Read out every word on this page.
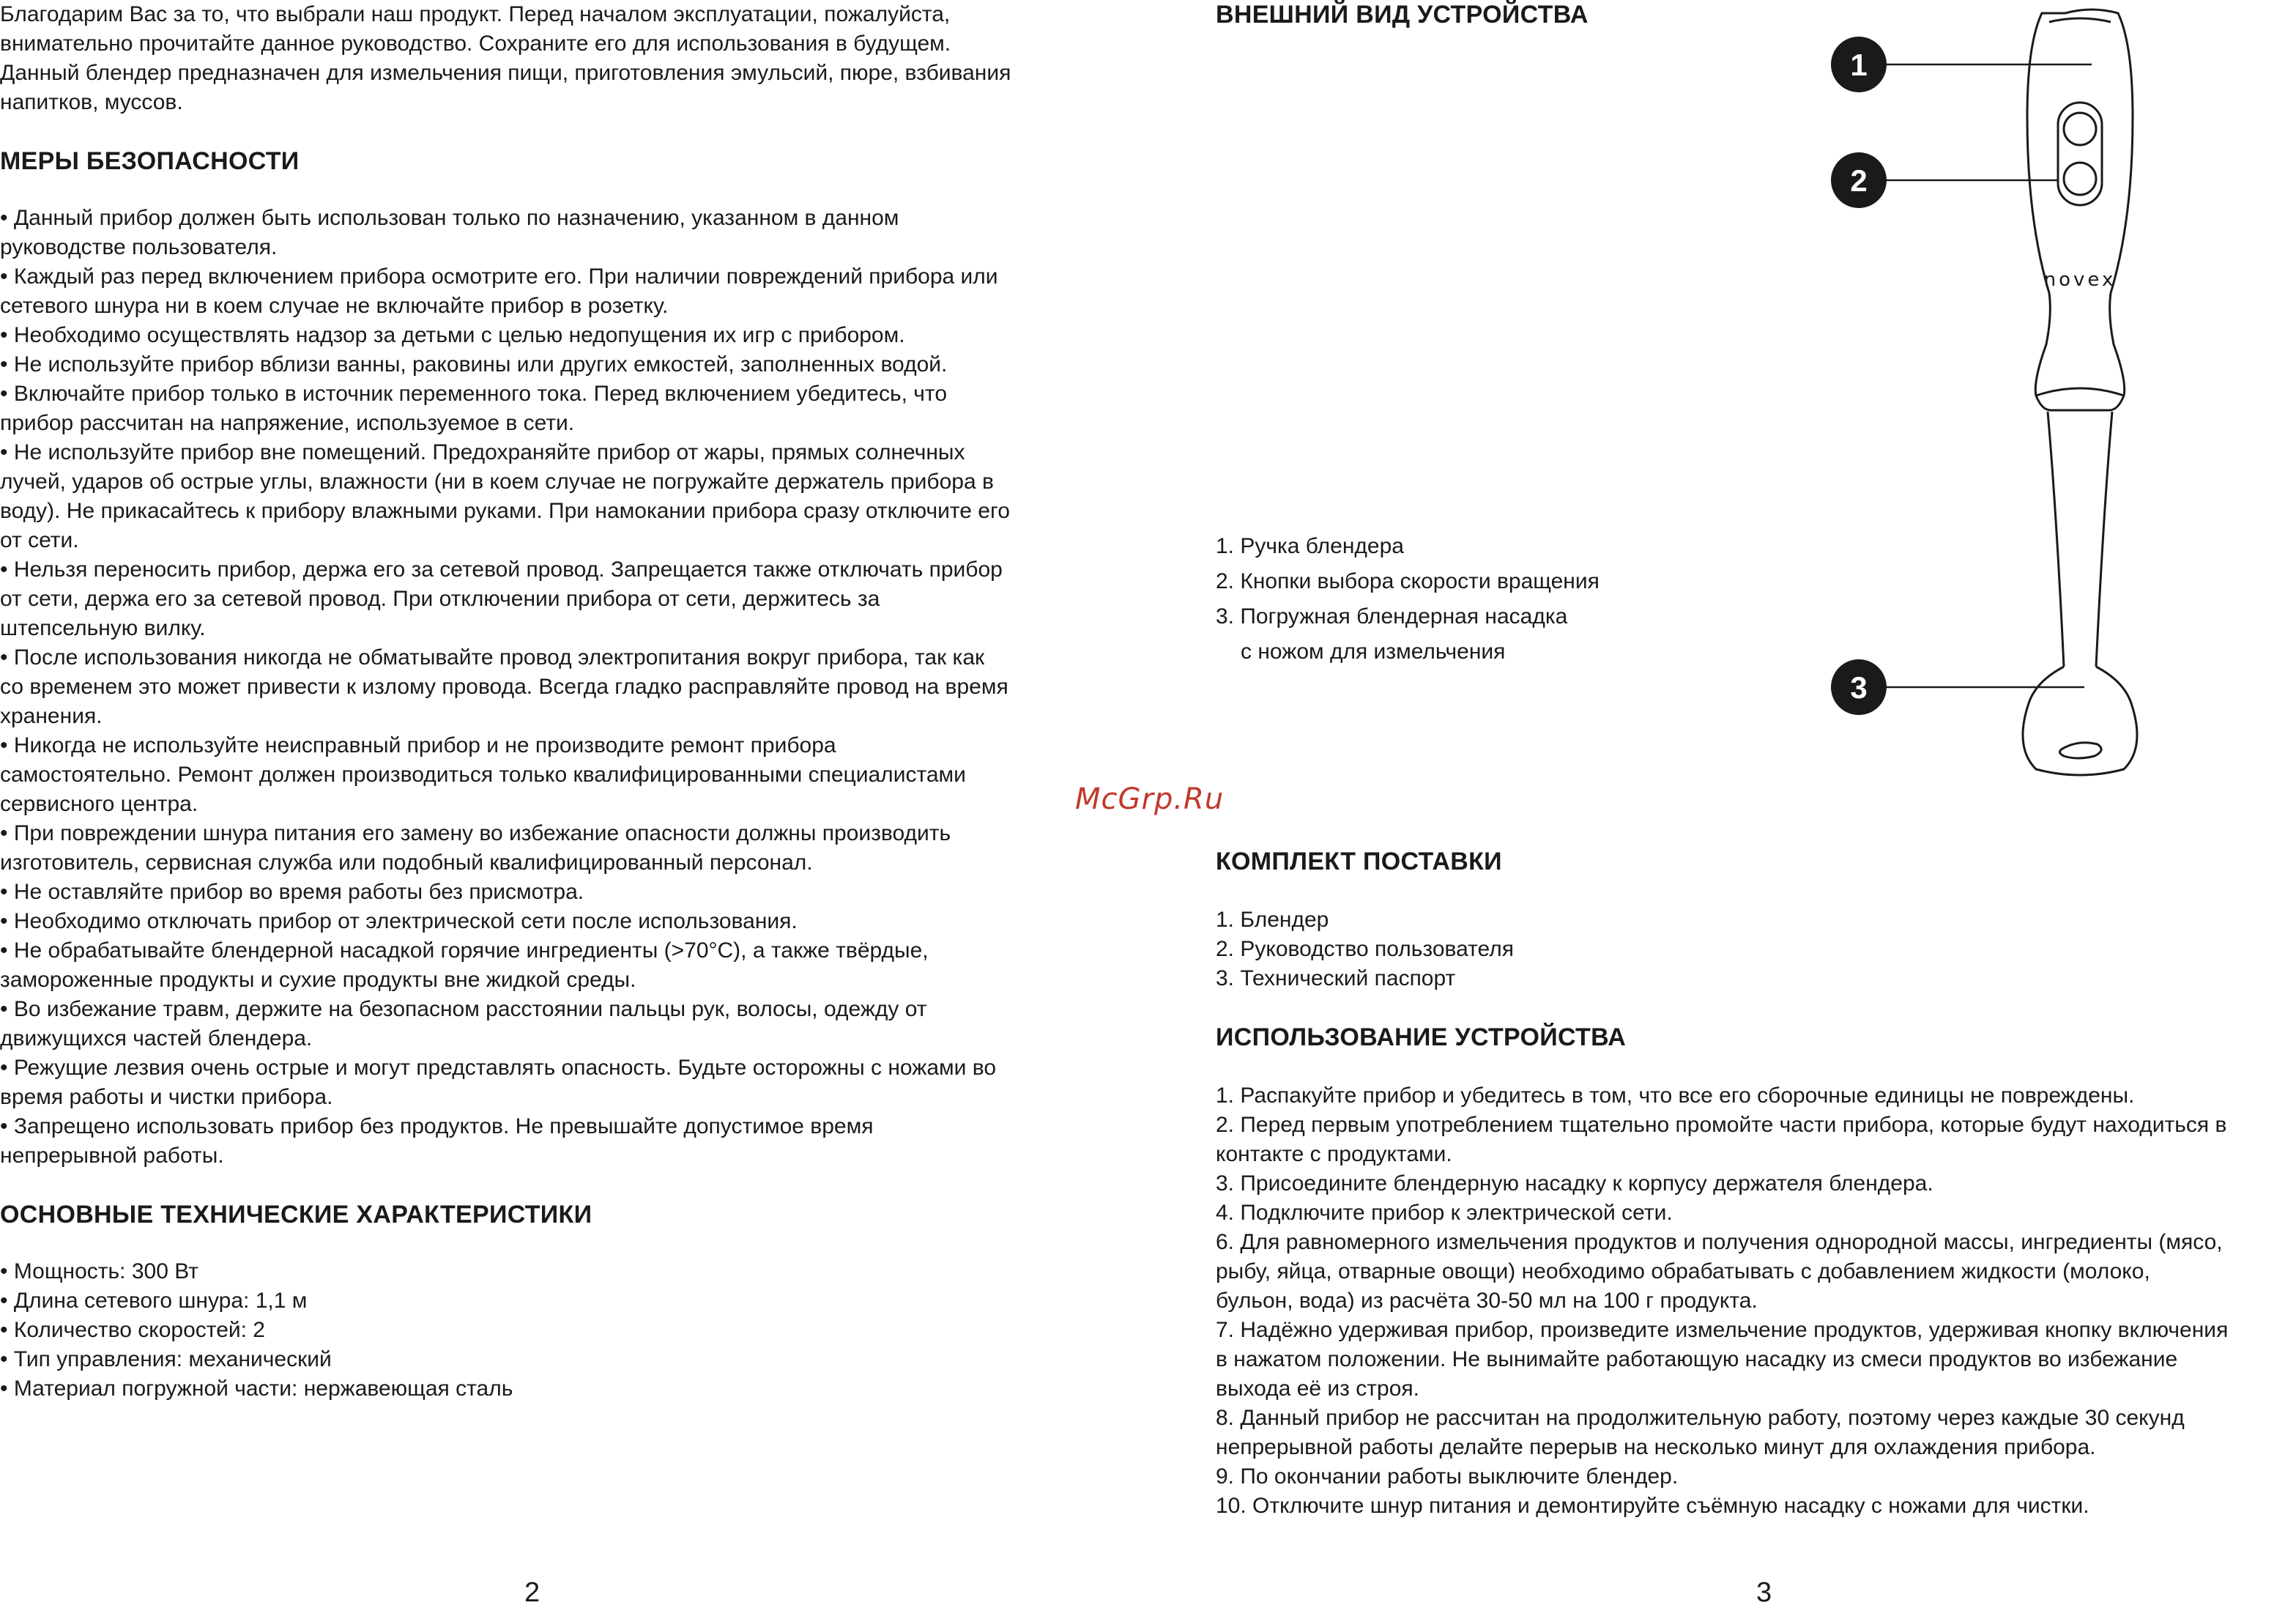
Благодарим Вас за то, что выбрали наш продукт. Перед началом эксплуатации, пожалуйста,
внимательно прочитайте данное руководство. Сохраните его для использования в будущем.
Данный блендер предназначен для измельчения пищи, приготовления эмульсий, пюре, взбивания
напитков, муссов.

МЕРЫ БЕЗОПАСНОСТИ

• Данный прибор должен быть использован только по назначению, указанном в данном
руководстве пользователя.

• Каждый раз перед включением прибора осмотрите его. При наличии повреждений прибора или
сетевого шнура ни в коем случае не включайте прибор в розетку.

• Необходимо осуществлять надзор за детьми с целью недопущения их игр с прибором.

• Не используйте прибор вблизи ванны, раковины или других емкостей, заполненных водой.

• Включайте прибор только в источник переменного тока. Перед включением убедитесь, что
прибор рассчитан на напряжение, используемое в сети.

• Не используйте прибор вне помещений. Предохраняйте прибор от жары, прямых солнечных
лучей, ударов об острые углы, влажности (ни в коем случае не погружайте держатель прибора в
воду). Не прикасайтесь к прибору влажными руками. При намокании прибора сразу отключите его
от сети.

• Нельзя переносить прибор, держа его за сетевой провод. Запрещается также отключать прибор
от сети, держа его за сетевой провод. При отключении прибора от сети, держитесь за
штепсельную вилку.

• После использования никогда не обматывайте провод электропитания вокруг прибора, так как
со временем это может привести к излому провода. Всегда гладко расправляйте провод на время
хранения.

• Никогда не используйте неисправный прибор и не производите ремонт прибора
самостоятельно. Ремонт должен производиться только квалифицированными специалистами
сервисного центра.

• При повреждении шнура питания его замену во избежание опасности должны производить
изготовитель, сервисная служба или подобный квалифицированный персонал.

• Не оставляйте прибор во время работы без присмотра.

• Необходимо отключать прибор от электрической сети после использования.

• Не обрабатывайте блендерной насадкой горячие ингредиенты (>70°С), а также твёрдые,
замороженные продукты и сухие продукты вне жидкой среды.

• Во избежание травм, держите на безопасном расстоянии пальцы рук, волосы, одежду от
движущихся частей блендера.

• Режущие лезвия очень острые и могут представлять опасность. Будьте осторожны с ножами во
время работы и чистки прибора.

• Запрещено использовать прибор без продуктов. Не превышайте допустимое время
непрерывной работы.

ОСНОВНЫЕ ТЕХНИЧЕСКИЕ ХАРАКТЕРИСТИКИ

• Мощность: 300 Вт

• Длина сетевого шнура: 1,1 м

• Количество скоростей: 2

• Тип управления: механический

• Материал погружной части: нержавеющая сталь

ВНЕШНИЙ ВИД УСТРОЙСТВА

1. Ручка блендера

2. Кнопки выбора скорости вращения

3. Погружная блендерная насадка

с ножом для измельчения

novex
1
2
3
McGrp.Ru
КОМПЛЕКТ ПОСТАВКИ

1. Блендер

2. Руководство пользователя

3. Технический паспорт

ИСПОЛЬЗОВАНИЕ УСТРОЙСТВА

1. Распакуйте прибор и убедитесь в том, что все его сборочные единицы не повреждены.

2. Перед первым употреблением тщательно промойте части прибора, которые будут находиться в
контакте с продуктами.

3. Присоедините блендерную насадку к корпусу держателя блендера.

4. Подключите прибор к электрической сети.

6. Для равномерного измельчения продуктов и получения однородной массы, ингредиенты (мясо,
рыбу, яйца, отварные овощи) необходимо обрабатывать с добавлением жидкости (молоко,
бульон, вода) из расчёта 30-50 мл на 100 г продукта.

7. Надёжно удерживая прибор, произведите измельчение продуктов, удерживая кнопку включения
в нажатом положении. Не вынимайте работающую насадку из смеси продуктов во избежание
выхода её из строя.

8. Данный прибор не рассчитан на продолжительную работу, поэтому через каждые 30 секунд
непрерывной работы делайте перерыв на несколько минут для охлаждения прибора.

9. По окончании работы выключите блендер.

10. Отключите шнур питания и демонтируйте съёмную насадку с ножами для чистки.

2	3
